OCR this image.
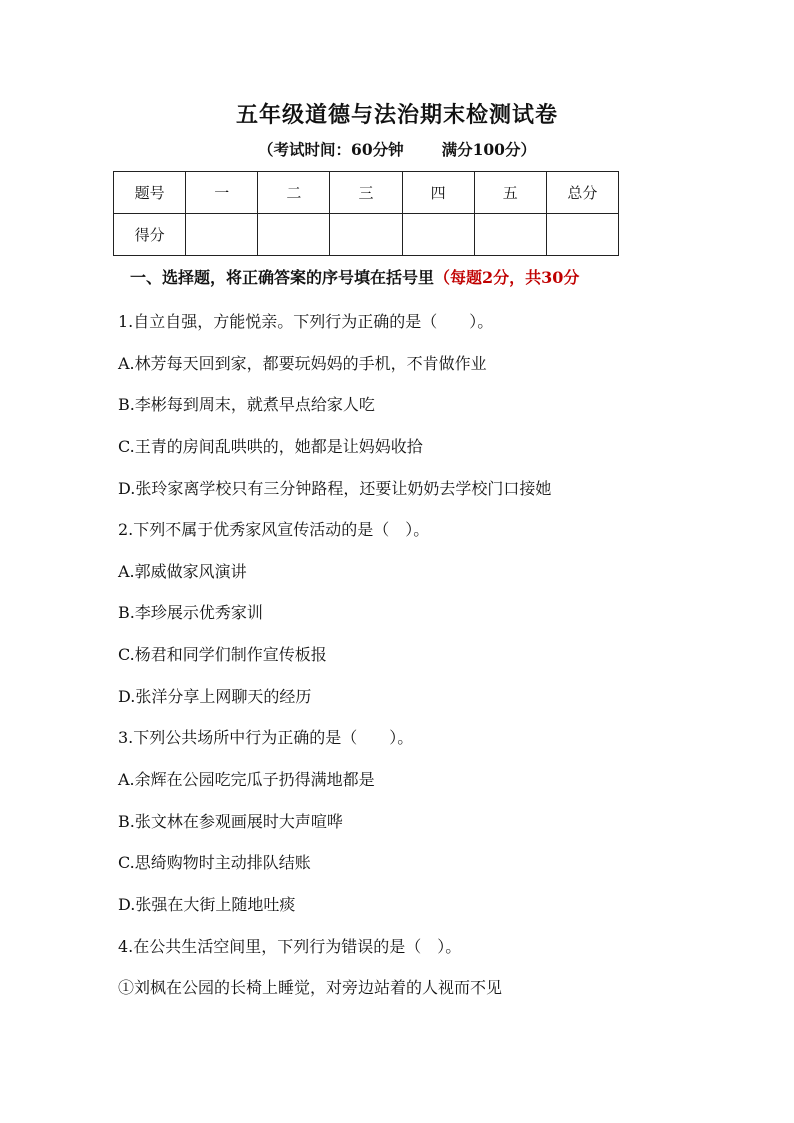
五年级道德与法治期末检测试卷
（考试时间：60分钟 满分100分）
题号	一	二	三	四	五	总分
得分						
一、选择题，将正确答案的序号填在括号里（每题2分，共30分
1.自立自强，方能悦亲。下列行为正确的是（　　）。
A.林芳每天回到家，都要玩妈妈的手机，不肯做作业
B.李彬每到周末，就煮早点给家人吃
C.王青的房间乱哄哄的，她都是让妈妈收拾
D.张玲家离学校只有三分钟路程，还要让奶奶去学校门口接她
2.下列不属于优秀家风宣传活动的是（　）。
A.郭威做家风演讲
B.李珍展示优秀家训
C.杨君和同学们制作宣传板报
D.张洋分享上网聊天的经历
3.下列公共场所中行为正确的是（　　）。
A.余辉在公园吃完瓜子扔得满地都是
B.张文林在参观画展时大声喧哗
C.思绮购物时主动排队结账
D.张强在大街上随地吐痰
4.在公共生活空间里，下列行为错误的是（　）。
①刘枫在公园的长椅上睡觉，对旁边站着的人视而不见
